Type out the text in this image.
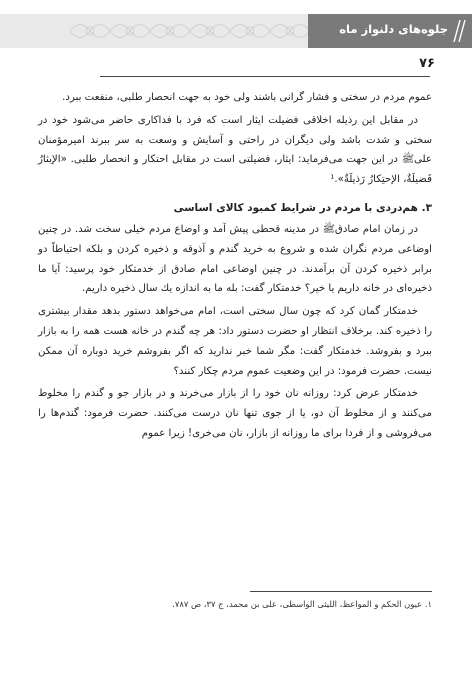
جلوه‌های دلنواز ماه
۷۶

عموم مردم در سختی و فشار گرانی باشند ولی خود به جهت انحصار طلبی، منفعت ببرد.

در مقابل این رذیله اخلاقی فضیلت ایثار است که فرد با فداکاری حاضر می‌شود خود در سختی و شدت باشد ولی دیگران در راحتی و آسایش و وسعت به سر ببرند امیرمؤمنان علی‌ﷺ در این جهت می‌فرماید: ایثار، فضیلتی است در مقابل احتکار و انحصار طلبی. «الإیثارُ فَضیلَةٌ، الإحتِکارُ رَذیلَةٌ».¹

۳. هم‌دردی با مردم در شرایط کمبود کالای اساسی

در زمان امام صادق‌ﷺ در مدینه قحطی پیش آمد و اوضاع مردم خیلی سخت شد. در چنین اوضاعی مردم نگران شده و شروع به خرید گندم و آذوقه و ذخیره کردن و بلکه احتیاطاً دو برابر ذخیره کردن آن برآمدند. در چنین اوضاعی امام صادق از خدمتکار خود پرسید: آیا ما ذخیره‌ای در خانه داریم یا خیر؟ خدمتکار گفت: بله ما به اندازه یك سال ذخیره داریم.

خدمتکار گمان کرد که چون سال سختی است، امام می‌خواهد دستور بدهد مقدار بیشتری را ذخیره کند. برخلاف انتظار او حضرت دستور داد: هر چه گندم در خانه هست همه را به بازار ببرد و بفروشد. خدمتکار گفت: مگر شما خبر ندارید که اگر بفروشم خرید دوباره آن ممکن نیست. حضرت فرمود: در این وضعیت عموم مردم چکار کنند؟

خدمتکار عرض کرد: روزانه نان خود را از بازار می‌خرند و در بازار جو و گندم را مخلوط می‌کنند و از مخلوط آن دو، یا از جوی تنها نان درست می‌کنند. حضرت فرمود: گندم‌ها را می‌فروشی و از فردا برای ما روزانه از بازار، نان می‌خری! زیرا عموم

۱. عیون الحکم و المواعظ، اللیثی الواسطی، علی بن محمد، ج ۳۷، ص ۷۸۷.
